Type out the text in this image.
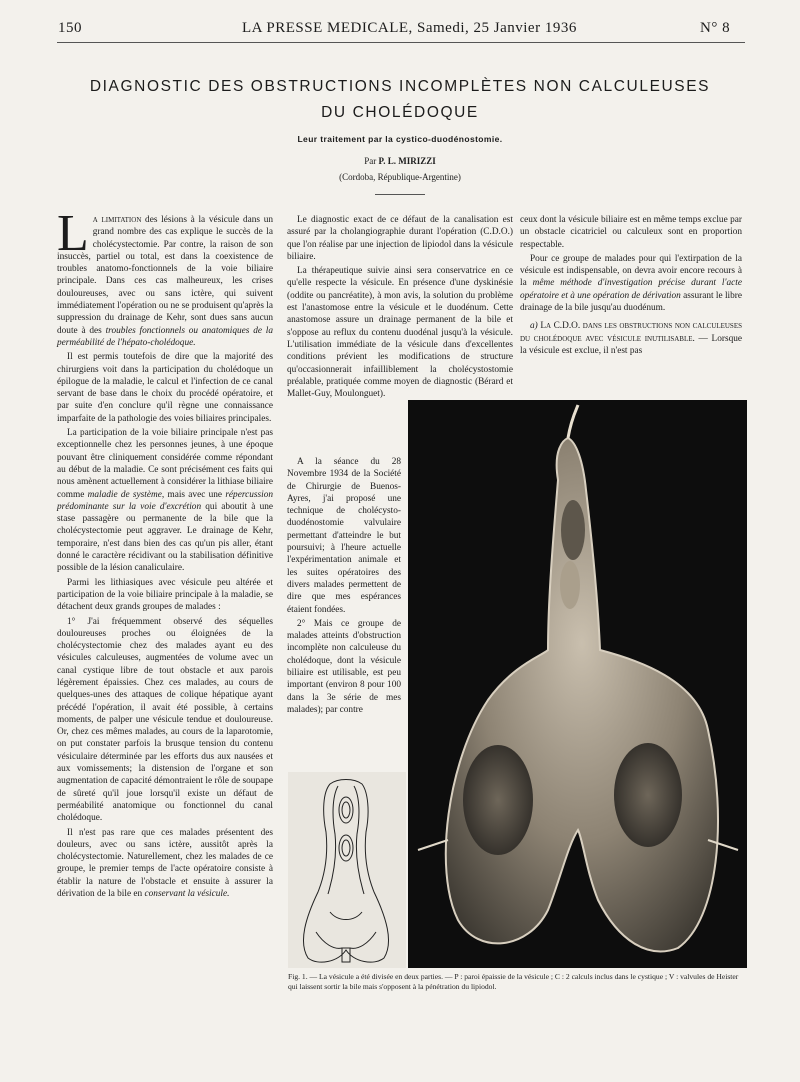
150	LA PRESSE MEDICALE, Samedi, 25 Janvier 1936	N° 8
DIAGNOSTIC DES OBSTRUCTIONS INCOMPLÈTES NON CALCULEUSES
DU CHOLÉDOQUE
Leur traitement par la cystico-duodénostomie.
Par P. L. MIRIZZI
(Cordoba, République-Argentine)

La limitation des lésions à la vésicule dans un grand nombre des cas explique le succès de la cholécystectomie. Par contre, la raison de son insuccès, partiel ou total, est dans la coexistence de troubles anatomo-fonctionnels de la voie biliaire principale. Dans ces cas malheureux, les crises douloureuses, avec ou sans ictère, qui suivent immédiatement l'opération ou ne se produisent qu'après la suppression du drainage de Kehr, sont dues sans aucun doute à des troubles fonctionnels ou anatomiques de la perméabilité de l'hépato-cholédoque.

Il est permis toutefois de dire que la majorité des chirurgiens voit dans la participation du cholédoque un épilogue de la maladie, le calcul et l'infection de ce canal servant de base dans le choix du procédé opératoire, et par suite d'en conclure qu'il règne une connaissance imparfaite de la pathologie des voies biliaires principales.

La participation de la voie biliaire principale n'est pas exceptionnelle chez les personnes jeunes, à une époque pouvant être cliniquement considérée comme répondant au début de la maladie. Ce sont précisément ces faits qui nous amènent actuellement à considérer la lithiase biliaire comme maladie de système, mais avec une répercussion prédominante sur la voie d'excrétion qui aboutit à une stase passagère ou permanente de la bile que la cholécystectomie peut aggraver. Le drainage de Kehr, temporaire, n'est dans bien des cas qu'un pis aller, étant donné le caractère récidivant ou la stabilisation définitive possible de la lésion canaliculaire.

Parmi les lithiasiques avec vésicule peu altérée et participation de la voie biliaire principale à la maladie, se détachent deux grands groupes de malades :

1° J'ai fréquemment observé des séquelles douloureuses proches ou éloignées de la cholécystectomie chez des malades ayant eu des vésicules calculeuses, augmentées de volume avec un canal cystique libre de tout obstacle et aux parois légèrement épaissies. Chez ces malades, au cours de quelques-unes des attaques de colique hépatique ayant précédé l'opération, il avait été possible, à certains moments, de palper une vésicule tendue et douloureuse. Or, chez ces mêmes malades, au cours de la laparotomie, on put constater parfois la brusque tension du contenu vésiculaire déterminée par les efforts dus aux nausées et aux vomissements; la distension de l'organe et son augmentation de capacité démontraient le rôle de soupape de sûreté qu'il joue lorsqu'il existe un défaut de perméabilité anatomique ou fonctionnel du canal cholédoque.

Il n'est pas rare que ces malades présentent des douleurs, avec ou sans ictère, aussitôt après la cholécystectomie. Naturellement, chez les malades de ce groupe, le premier temps de l'acte opératoire consiste à établir la nature de l'obstacle et ensuite à assurer la dérivation de la bile en conservant la vésicule.

Le diagnostic exact de ce défaut de la canalisation est assuré par la cholangiographie durant l'opération (C.D.O.) que l'on réalise par une injection de lipiodol dans la vésicule biliaire.

La thérapeutique suivie ainsi sera conservatrice en ce qu'elle respecte la vésicule. En présence d'une dyskinésie (oddite ou pancréatite), à mon avis, la solution du problème est l'anastomose entre la vésicule et le duodénum. Cette anastomose assure un drainage permanent de la bile et s'oppose au reflux du contenu duodénal jusqu'à la vésicule. L'utilisation immédiate de la vésicule dans d'excellentes conditions prévient les modifications de structure qu'occasionnerait infailliblement la cholécystostomie préalable, pratiquée comme moyen de diagnostic (Bérard et Mallet-Guy, Moulonguet).

A la séance du 28 Novembre 1934 de la Société de Chirurgie de Buenos-Ayres, j'ai proposé une technique de cholécysto-duodénostomie valvulaire permettant d'atteindre le but poursuivi; à l'heure actuelle l'expérimentation animale et les suites opératoires des divers malades permettent de dire que mes espérances étaient fondées.

2° Mais ce groupe de malades atteints d'obstruction incomplète non calculeuse du cholédoque, dont la vésicule biliaire est utilisable, est peu important (environ 8 pour 100 dans la 3e série de mes malades); par contre

ceux dont la vésicule biliaire est en même temps exclue par un obstacle cicatriciel ou calculeux sont en proportion respectable.

Pour ce groupe de malades pour qui l'extirpation de la vésicule est indispensable, on devra avoir encore recours à la même méthode d'investigation précise durant l'acte opératoire et à une opération de dérivation assurant le libre drainage de la bile jusqu'au duodénum.

a) La C.D.O. dans les obstructions non calculeuses du cholédoque avec vésicule inutilisable. — Lorsque la vésicule est exclue, il n'est pas

Fig. 1. — La vésicule a été divisée en deux parties. — P : paroi épaissie de la vésicule ; C : 2 calculs inclus dans le cystique ; V : valvules de Heister qui laissent sortir la bile mais s'opposent à la pénétration du lipiodol.
